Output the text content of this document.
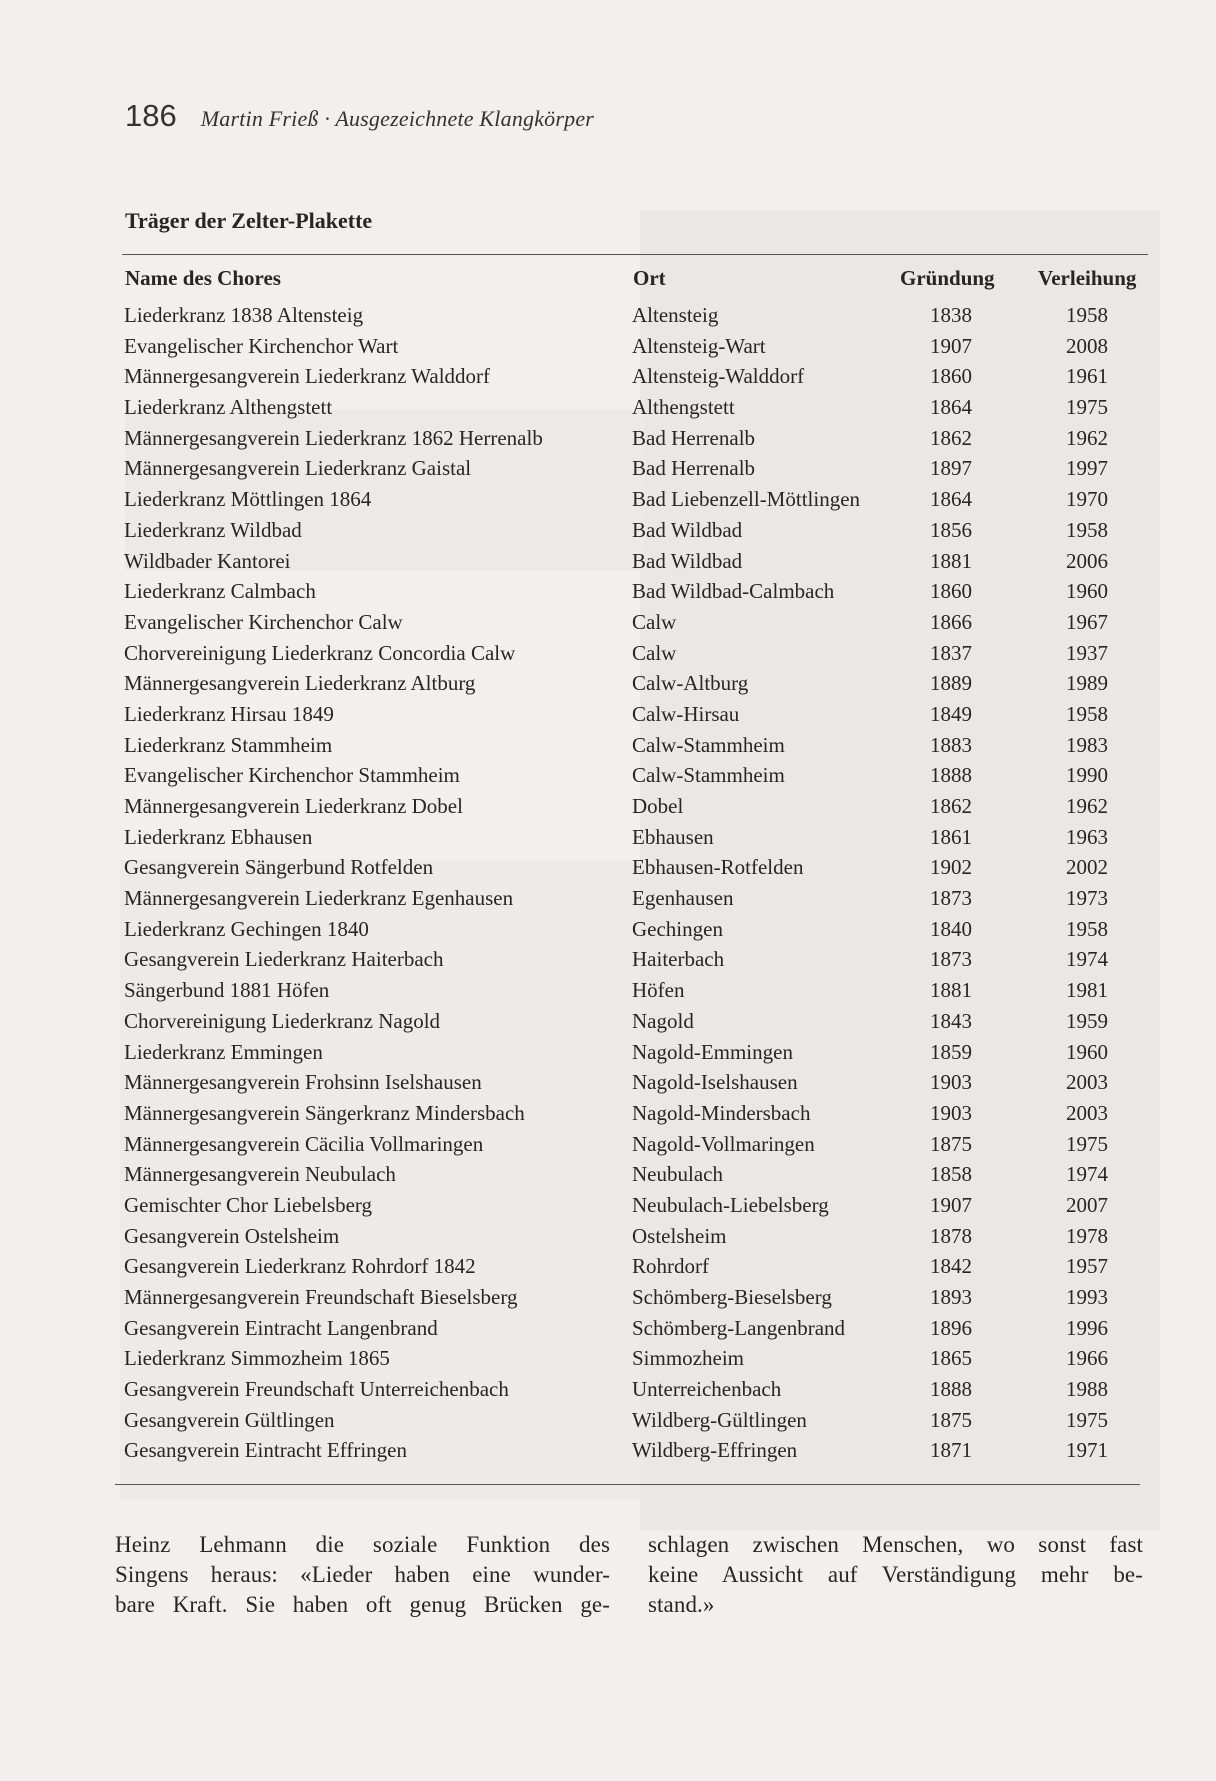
186 Martin Frieß · Ausgezeichnete Klangkörper
Träger der Zelter-Plakette
Name des Chores	Ort	Gründung Verleihung
Liederkranz 1838 Altensteig	Altensteig	1838	1958
Evangelischer Kirchenchor Wart	Altensteig-Wart	1907	2008
Männergesangverein Liederkranz Walddorf	Altensteig-Walddorf	1860	1961
Liederkranz Althengstett	Althengstett	1864	1975
Männergesangverein Liederkranz 1862 Herrenalb	Bad Herrenalb	1862	1962
Männergesangverein Liederkranz Gaistal	Bad Herrenalb	1897	1997
Liederkranz Möttlingen 1864	Bad Liebenzell-Möttlingen	1864	1970
Liederkranz Wildbad	Bad Wildbad	1856	1958
Wildbader Kantorei	Bad Wildbad	1881	2006
Liederkranz Calmbach	Bad Wildbad-Calmbach	1860	1960
Evangelischer Kirchenchor Calw	Calw	1866	1967
Chorvereinigung Liederkranz Concordia Calw	Calw	1837	1937
Männergesangverein Liederkranz Altburg	Calw-Altburg	1889	1989
Liederkranz Hirsau 1849	Calw-Hirsau	1849	1958
Liederkranz Stammheim	Calw-Stammheim	1883	1983
Evangelischer Kirchenchor Stammheim	Calw-Stammheim	1888	1990
Männergesangverein Liederkranz Dobel	Dobel	1862	1962
Liederkranz Ebhausen	Ebhausen	1861	1963
Gesangverein Sängerbund Rotfelden	Ebhausen-Rotfelden	1902	2002
Männergesangverein Liederkranz Egenhausen	Egenhausen	1873	1973
Liederkranz Gechingen 1840	Gechingen	1840	1958
Gesangverein Liederkranz Haiterbach	Haiterbach	1873	1974
Sängerbund 1881 Höfen	Höfen	1881	1981
Chorvereinigung Liederkranz Nagold	Nagold	1843	1959
Liederkranz Emmingen	Nagold-Emmingen	1859	1960
Männergesangverein Frohsinn Iselshausen	Nagold-Iselshausen	1903	2003
Männergesangverein Sängerkranz Mindersbach	Nagold-Mindersbach	1903	2003
Männergesangverein Cäcilia Vollmaringen	Nagold-Vollmaringen	1875	1975
Männergesangverein Neubulach	Neubulach	1858	1974
Gemischter Chor Liebelsberg	Neubulach-Liebelsberg	1907	2007
Gesangverein Ostelsheim	Ostelsheim	1878	1978
Gesangverein Liederkranz Rohrdorf 1842	Rohrdorf	1842	1957
Männergesangverein Freundschaft Bieselsberg	Schömberg-Bieselsberg	1893	1993
Gesangverein Eintracht Langenbrand	Schömberg-Langenbrand	1896	1996
Liederkranz Simmozheim 1865	Simmozheim	1865	1966
Gesangverein Freundschaft Unterreichenbach	Unterreichenbach	1888	1988
Gesangverein Gültlingen	Wildberg-Gültlingen	1875	1975
Gesangverein Eintracht Effringen	Wildberg-Effringen	1871	1971
Heinz Lehmann die soziale Funktion des
Singens heraus: «Lieder haben eine wunder-
bare Kraft. Sie haben oft genug Brücken ge-
schlagen zwischen Menschen, wo sonst fast
keine Aussicht auf Verständigung mehr be-
stand.»
